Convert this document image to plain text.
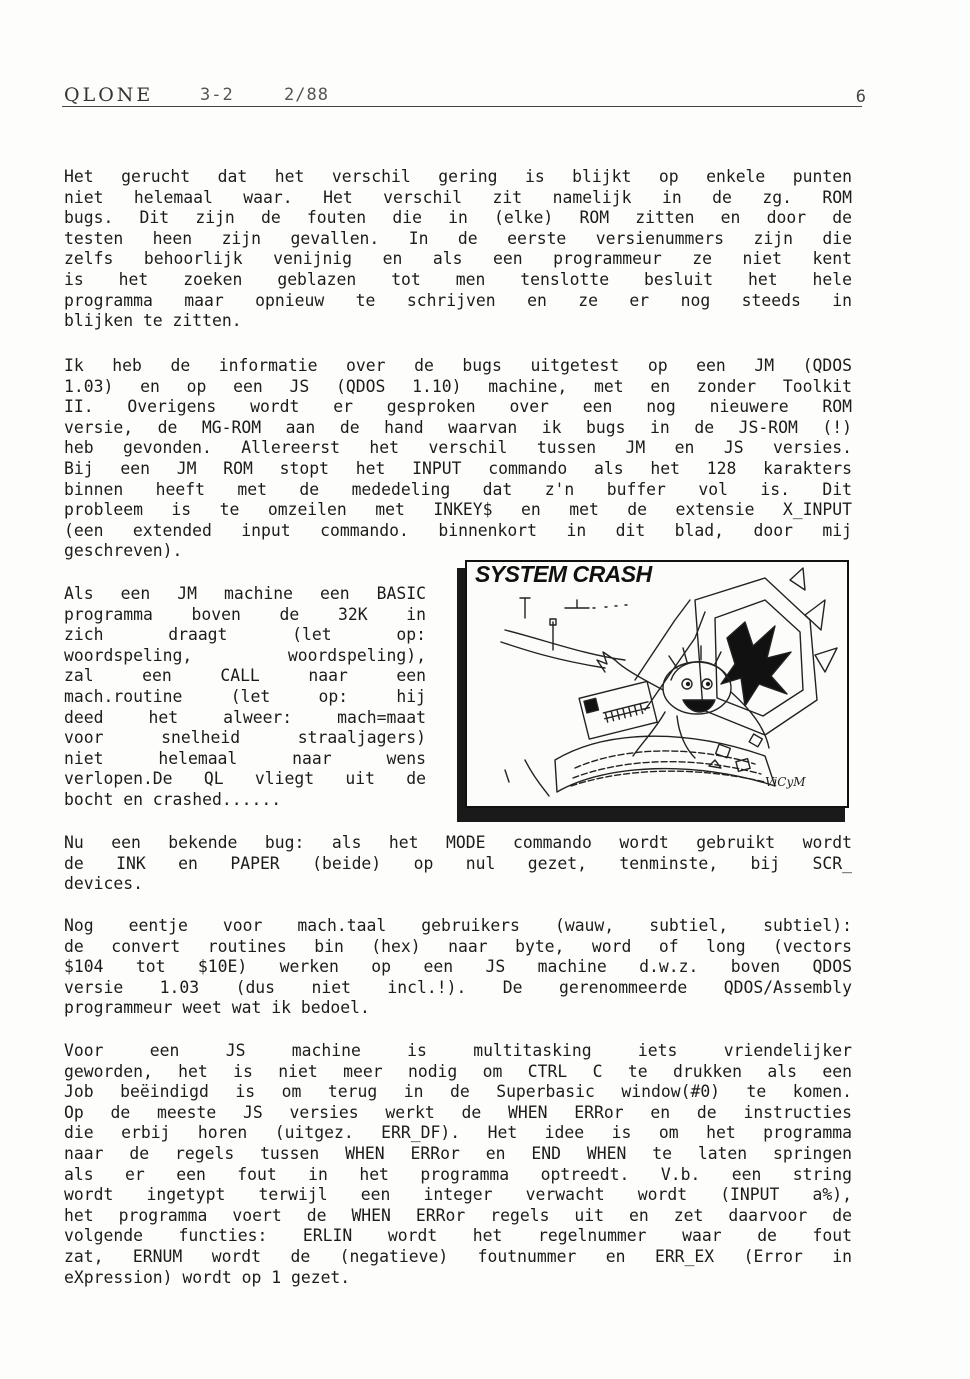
QLONE	3-2	2/88	6
Het gerucht dat het verschil gering is blijkt op enkele punten
niet helemaal waar. Het verschil zit namelijk in de zg. ROM
bugs. Dit zijn de fouten die in (elke) ROM zitten en door de
testen heen zijn gevallen. In de eerste versienummers zijn die
zelfs behoorlijk venijnig en als een programmeur ze niet kent
is het zoeken geblazen tot men tenslotte besluit het hele
programma maar opnieuw te schrijven en ze er nog steeds in
blijken te zitten.
Ik heb de informatie over de bugs uitgetest op een JM (QDOS
1.03) en op een JS (QDOS 1.10) machine, met en zonder Toolkit
II. Overigens wordt er gesproken over een nog nieuwere ROM
versie, de MG-ROM aan de hand waarvan ik bugs in de JS-ROM (!)
heb gevonden. Allereerst het verschil tussen JM en JS versies.
Bij een JM ROM stopt het INPUT commando als het 128 karakters
binnen heeft met de mededeling dat z'n buffer vol is. Dit
probleem is te omzeilen met INKEY$ en met de extensie X_INPUT
(een extended input commando. binnenkort in dit blad, door mij
geschreven).
Als een JM machine een BASIC
programma boven de 32K in
zich draagt (let op:
woordspeling, woordspeling),
zal een CALL naar een
mach.routine (let op: hij
deed het alweer: mach=maat
voor snelheid straaljagers)
niet helemaal naar wens
verlopen.De QL vliegt uit de
bocht en crashed......
ViCyM
SYSTEM CRASH
Nu een bekende bug: als het MODE commando wordt gebruikt wordt
de INK en PAPER (beide) op nul gezet, tenminste, bij SCR_
devices.
Nog eentje voor mach.taal gebruikers (wauw, subtiel, subtiel):
de convert routines bin (hex) naar byte, word of long (vectors
$104 tot $10E) werken op een JS machine d.w.z. boven QDOS
versie 1.03 (dus niet incl.!). De gerenommeerde QDOS/Assembly
programmeur weet wat ik bedoel.
Voor een JS machine is multitasking iets vriendelijker
geworden, het is niet meer nodig om CTRL C te drukken als een
Job beëindigd is om terug in de Superbasic window(#0) te komen.
Op de meeste JS versies werkt de WHEN ERRor en de instructies
die erbij horen (uitgez. ERR_DF). Het idee is om het programma
naar de regels tussen WHEN ERRor en END WHEN te laten springen
als er een fout in het programma optreedt. V.b. een string
wordt ingetypt terwijl een integer verwacht wordt (INPUT a%),
het programma voert de WHEN ERRor regels uit en zet daarvoor de
volgende functies: ERLIN wordt het regelnummer waar de fout
zat, ERNUM wordt de (negatieve) foutnummer en ERR_EX (Error in
eXpression) wordt op 1 gezet.
